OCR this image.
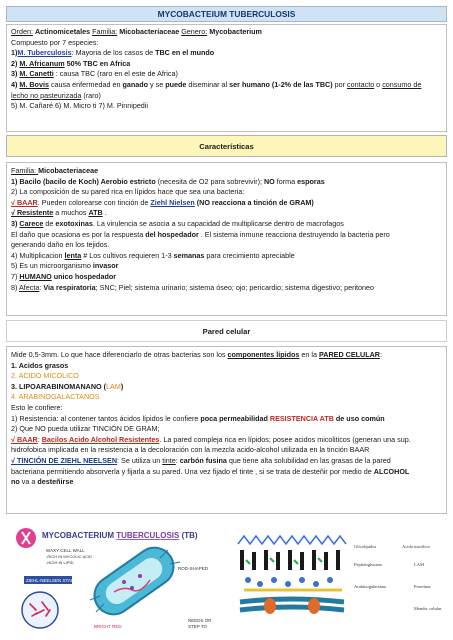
MYCOBACTEIUM TUBERCULOSIS
Orden: Actinomicetales Familia: Micobacteriaceae Genero: Mycobacterium
Compuesto por 7 especies:
1)M. Tuberculosis: Mayoria de los casos de TBC en el mundo
2) M. Africanum 50% TBC en Africa
3) M. Canetti : causa TBC (raro en el este de Africa)
4) M. Bovis causa enfermedad en ganado y se puede diseminar al ser humano (1-2% de las TBC) por contacto o consumo de
lecho no pasteurizada (raro)
5) M. Cañaré 6) M. Micro ti 7) M. Pinnipedii
Características
Familia: Micobacteriaceae
1) Bacilo (bacilo de Koch) Aerobio estricto (necesita de O2 para sobrevivir); NO forma esporas
2) La composición de su pared rica en lípidos hace que sea una bacteria:
√ BAAR. Pueden colorearse con tinción de Ziehl Nielsen (NO reacciona a tinción de GRAM)
√ Resistente a muchos ATB .
3) Carece de exotoxinas. La virulencia se asocia a su capacidad de multiplicarse dentro de macrofagos
El daño que ocasiona es por la respuesta del hospedador . El sistema inmune reacciona destruyendo la bacteria pero
generando daño en los tejidos.
4) Multiplicacion lenta # Los cultivos requieren 1-3 semanas para crecimiento apreciable
5) Es un microorganismo invasor
7) HUMANO unico hospedador
8) Afecta: Via respiratoria; SNC; Piel; sistema urinario; sistema óseo; ojo; pericardio; sistema digestivo; peritoneo
Pared celular
Mide 0,5-3mm. Lo que hace diferenciarlo de otras bacterias son los componentes lípidos en la PARED CELULAR:
1. Acidos grasos
2. ACIDO MICOLICO
3. LIPOARABINOMANANO (LAM)
4. ARABINOGALACTANOS
Esto le confiere:
1) Resistencia: al contener tantos ácidos lípidos le confiere poca permeabilidad RESISTENCIA ATB de uso común
2) Que NO pueda utilizar TINCIÓN DE GRAM;
√ BAAR: Bacilos Acido Alcohol Resistentes. La pared compleja rica en lípidos; posee acidos micoliticos (generan una sup.
hidrofobica implicada en la resistencia a la decoloración con la mezcla acido-alcohol utilizada en la tinción BAAR
√ TINCIÓN DE ZIEHL NEELSEN: Se utiliza un tinte: carbón fusina que tiene alta solubilidad en las grasas de la pared
bacteriana permitiendo absorverla y fijarla a su pared. Una vez fijado el tinte , si se trata de desteñir por medio de ALCOHOL
no va a desteñirse
MYCOBACTERIUM TUBERCULOSIS (TB)
WAXY CELL WALL
-RICH IN MYCOLIC ACID
-HIGH IN LIPID
ZIEHL-NEELSEN STAIN
ROD-SHAPED
BRIGHT RED
NEEDS OR
STEP TO
Glicolípidos	Acido micólico
Peptidoglucano	LAM
Arabinogalactano	Proteínas
Membr. celular
